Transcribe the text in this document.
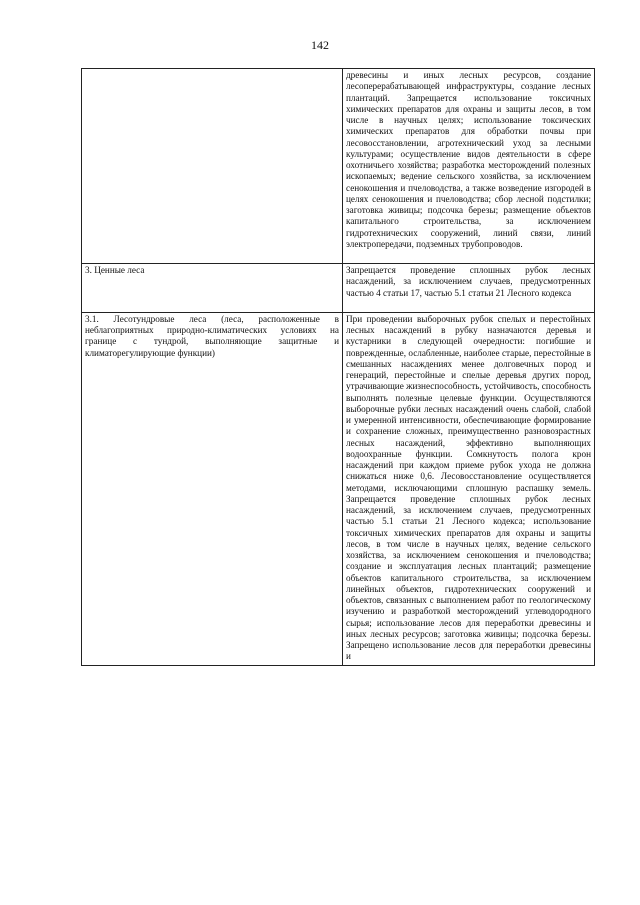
142
	древесины и иных лесных ресурсов, создание лесоперерабатывающей инфраструктуры, создание лесных плантаций. Запрещается использование токсичных химических препаратов для охраны и защиты лесов, в том числе в научных целях; использование токсических химических препаратов для обработки почвы при лесовосстановлении, агротехнический уход за лесными культурами; осуществление видов деятельности в сфере охотничьего хозяйства; разработка месторождений полезных ископаемых; ведение сельского хозяйства, за исключением сенокошения и пчеловодства, а также возведение изгородей в целях сенокошения и пчеловодства; сбор лесной подстилки; заготовка живицы; подсочка березы; размещение объектов капитального строительства, за исключением гидротехнических сооружений, линий связи, линий электропередачи, подземных трубопроводов.
3. Ценные леса	Запрещается проведение сплошных рубок лесных насаждений, за исключением случаев, предусмотренных частью 4 статьи 17, частью 5.1 статьи 21 Лесного кодекса
3.1. Лесотундровые леса (леса, расположенные в неблагоприятных природно-климатических условиях на границе с тундрой, выполняющие защитные и климаторегулирующие функции)	При проведении выборочных рубок спелых и перестойных лесных насаждений в рубку назначаются деревья и кустарники в следующей очередности: погибшие и поврежденные, ослабленные, наиболее старые, перестойные в смешанных насаждениях менее долговечных пород и генераций, перестойные и спелые деревья других пород, утрачивающие жизнеспособность, устойчивость, способность выполнять полезные целевые функции. Осуществляются выборочные рубки лесных насаждений очень слабой, слабой и умеренной интенсивности, обеспечивающие формирование и сохранение сложных, преимущественно разновозрастных лесных насаждений, эффективно выполняющих водоохранные функции. Сомкнутость полога крон насаждений при каждом приеме рубок ухода не должна снижаться ниже 0,6. Лесовосстановление осуществляется методами, исключающими сплошную распашку земель. Запрещается проведение сплошных рубок лесных насаждений, за исключением случаев, предусмотренных частью 5.1 статьи 21 Лесного кодекса; использование токсичных химических препаратов для охраны и защиты лесов, в том числе в научных целях, ведение сельского хозяйства, за исключением сенокошения и пчеловодства; создание и эксплуатация лесных плантаций; размещение объектов капитального строительства, за исключением линейных объектов, гидротехнических сооружений и объектов, связанных с выполнением работ по геологическому изучению и разработкой месторождений углеводородного сырья; использование лесов для переработки древесины и иных лесных ресурсов; заготовка живицы; подсочка березы. Запрещено использование лесов для переработки древесины и
